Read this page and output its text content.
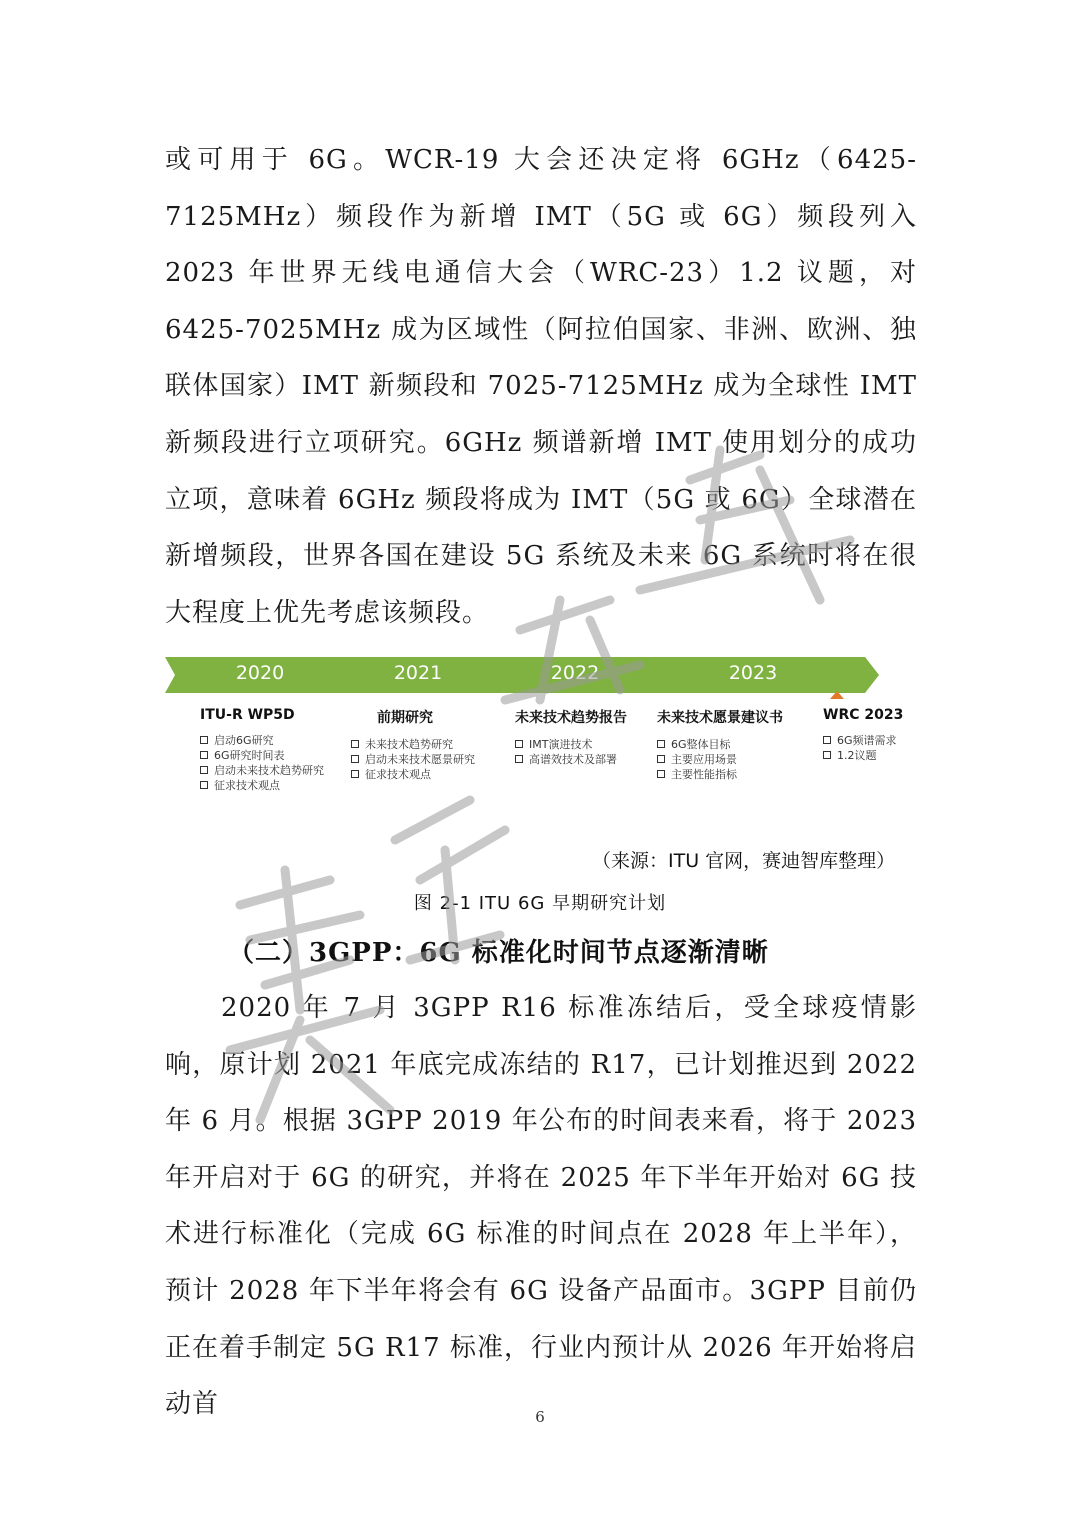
或可用于 6G。WCR-19 大会还决定将 6GHz（6425-7125MHz）频段作为新增 IMT（5G 或 6G）频段列入 2023 年世界无线电通信大会（WRC-23）1.2 议题，对 6425-7025MHz 成为区域性（阿拉伯国家、非洲、欧洲、独联体国家）IMT 新频段和 7025-7125MHz 成为全球性 IMT 新频段进行立项研究。6GHz 频谱新增 IMT 使用划分的成功立项，意味着 6GHz 频段将成为 IMT（5G 或 6G）全球潜在新增频段，世界各国在建设 5G 系统及未来 6G 系统时将在很大程度上优先考虑该频段。

2020	2021	2022	2023
ITU-R WP5D
启动6G研究
6G研究时间表
启动未来技术趋势研究
征求技术观点
前期研究
未来技术趋势研究
启动未来技术愿景研究
征求技术观点
未来技术趋势报告
IMT演进技术
高谱效技术及部署
未来技术愿景建议书
6G整体目标
主要应用场景
主要性能指标
WRC 2023
6G频谱需求
1.2议题
（来源：ITU 官网，赛迪智库整理）
图 2-1 ITU 6G 早期研究计划
（二）3GPP：6G 标准化时间节点逐渐清晰

2020 年 7 月 3GPP R16 标准冻结后，受全球疫情影响，原计划 2021 年底完成冻结的 R17，已计划推迟到 2022 年 6 月。根据 3GPP 2019 年公布的时间表来看，将于 2023 年开启对于 6G 的研究，并将在 2025 年下半年开始对 6G 技术进行标准化（完成 6G 标准的时间点在 2028 年上半年），预计 2028 年下半年将会有 6G 设备产品面市。3GPP 目前仍正在着手制定 5G R17 标准，行业内预计从 2026 年开始将启动首	6
